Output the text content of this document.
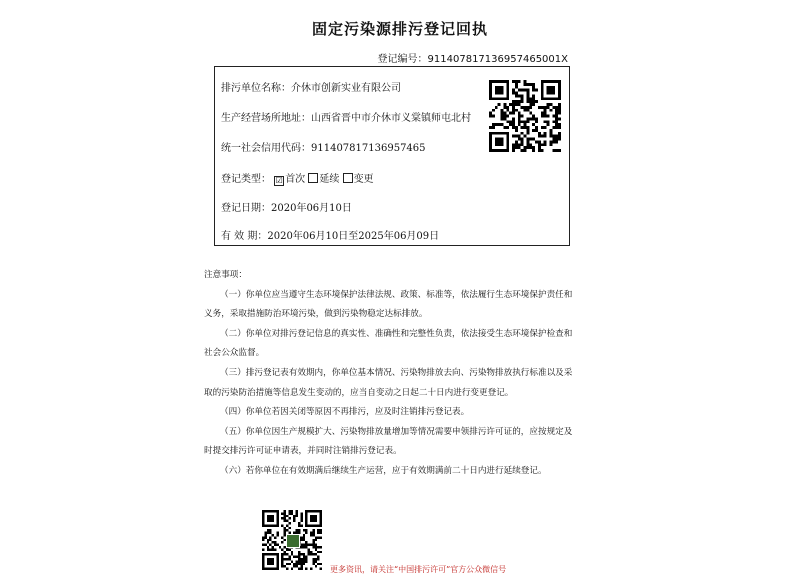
固定污染源排污登记回执
登记编号：911407817136957465001X
排污单位名称：介休市创新实业有限公司
生产经营场所地址：山西省晋中市介休市义棠镇师屯北村
统一社会信用代码：911407817136957465
登记类型： ☑ 首次 延续 变更
登记日期：2020年06月10日
有 效 期：2020年06月10日至2025年06月09日
注意事项：

（一）你单位应当遵守生态环境保护法律法规、政策、标准等，依法履行生态环境保护责任和义务，采取措施防治环境污染，做到污染物稳定达标排放。

（二）你单位对排污登记信息的真实性、准确性和完整性负责，依法接受生态环境保护检查和社会公众监督。

（三）排污登记表有效期内，你单位基本情况、污染物排放去向、污染物排放执行标准以及采取的污染防治措施等信息发生变动的，应当自变动之日起二十日内进行变更登记。

（四）你单位若因关闭等原因不再排污，应及时注销排污登记表。

（五）你单位因生产规模扩大、污染物排放量增加等情况需要申领排污许可证的，应按规定及时提交排污许可证申请表，并同时注销排污登记表。

（六）若你单位在有效期满后继续生产运营，应于有效期满前二十日内进行延续登记。

更多资讯，请关注“中国排污许可”官方公众微信号
